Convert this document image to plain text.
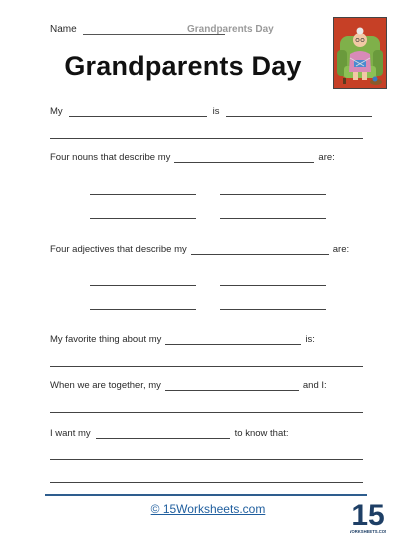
Name	Grandparents Day
Grandparents Day
My	is
Four nouns that describe my	are:
Four adjectives that describe my	are:
My favorite thing about my	is:
When we are together, my	and I:
I want my	to know that:
© 15Worksheets.com	15
ORKSHEETS.CO
